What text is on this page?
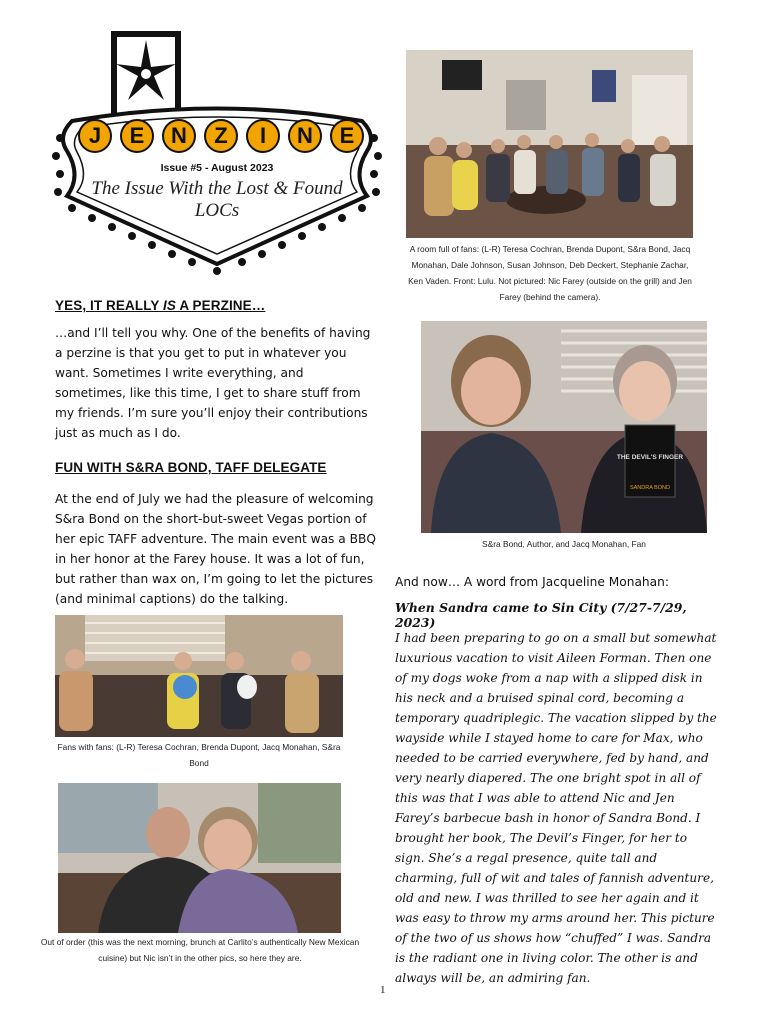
J	E	N	Z	I	N	E
Issue #5 - August 2023
The Issue With the Lost & Found LOCs
YES, IT REALLY IS A PERZINE…
…and I’ll tell you why. One of the benefits of having a perzine is that you get to put in whatever you want. Sometimes I write everything, and sometimes, like this time, I get to share stuff from my friends. I’m sure you’ll enjoy their contributions just as much as I do.
FUN WITH S&RA BOND, TAFF DELEGATE
At the end of July we had the pleasure of welcoming S&ra Bond on the short-but-sweet Vegas portion of her epic TAFF adventure. The main event was a BBQ in her honor at the Farey house. It was a lot of fun, but rather than wax on, I’m going to let the pictures (and minimal captions) do the talking.
A room full of fans: (L-R) Teresa Cochran, Brenda Dupont, S&ra Bond, Jacq Monahan, Dale Johnson, Susan Johnson, Deb Deckert, Stephanie Zachar, Ken Vaden. Front: Lulu. Not pictured: Nic Farey (outside on the grill) and Jen Farey (behind the camera).
THE DEVIL'S FINGER
SANDRA BOND
S&ra Bond, Author, and Jacq Monahan, Fan
Fans with fans: (L-R) Teresa Cochran, Brenda Dupont, Jacq Monahan, S&ra Bond
Out of order (this was the next morning, brunch at Carlito’s authentically New Mexican cuisine) but Nic isn’t in the other pics, so here they are.
And now… A word from Jacqueline Monahan:
When Sandra came to Sin City (7/27-7/29, 2023)
I had been preparing to go on a small but somewhat luxurious vacation to visit Aileen Forman. Then one of my dogs woke from a nap with a slipped disk in his neck and a bruised spinal cord, becoming a temporary quadriplegic. The vacation slipped by the wayside while I stayed home to care for Max, who needed to be carried everywhere, fed by hand, and very nearly diapered. The one bright spot in all of this was that I was able to attend Nic and Jen Farey’s barbecue bash in honor of Sandra Bond. I brought her book, The Devil’s Finger, for her to sign. She’s a regal presence, quite tall and charming, full of wit and tales of fannish adventure, old and new. I was thrilled to see her again and it was easy to throw my arms around her. This picture of the two of us shows how “chuffed” I was. Sandra is the radiant one in living color. The other is and always will be, an admiring fan.
1
